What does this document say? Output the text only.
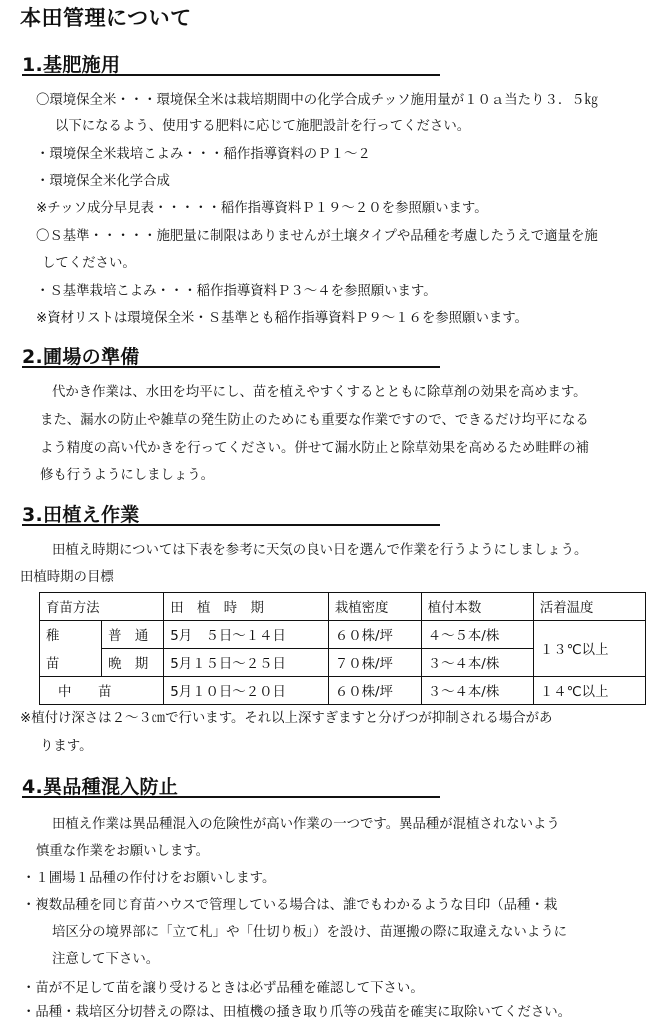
本田管理について
1.基肥施用
〇環境保全米・・・環境保全米は栽培期間中の化学合成チッソ施用量が１０ａ当たり３．５㎏
以下になるよう、使用する肥料に応じて施肥設計を行ってください。
・環境保全米栽培こよみ・・・稲作指導資料のＰ１～２
・環境保全米化学合成
※チッソ成分早見表・・・・・稲作指導資料Ｐ１９～２０を参照願います。
〇Ｓ基準・・・・・施肥量に制限はありませんが土壌タイプや品種を考慮したうえで適量を施
してください。
・Ｓ基準栽培こよみ・・・稲作指導資料Ｐ３～４を参照願います。
※資材リストは環境保全米・Ｓ基準とも稲作指導資料Ｐ９～１６を参照願います。
2.圃場の準備
代かき作業は、水田を均平にし、苗を植えやすくするとともに除草剤の効果を高めます。
また、漏水の防止や雑草の発生防止のためにも重要な作業ですので、できるだけ均平になる
よう精度の高い代かきを行ってください。併せて漏水防止と除草効果を高めるため畦畔の補
修も行うようにしましょう。
3.田植え作業
田植え時期については下表を参考に天気の良い日を選んで作業を行うようにしましょう。
田植時期の目標
育苗方法		田　植　時　期	栽植密度	植付本数	活着温度
稚	普　通	5月　５日～１４日	６０株/坪	４～５本/株	１３℃以上
苗	晩　期	5月１５日～２５日	７０株/坪	３～４本/株	
中　　苗		5月１０日～２０日	６０株/坪	３～４本/株	１４℃以上
※植付け深さは２～３㎝で行います。それ以上深すぎますと分げつが抑制される場合があ
ります。
4.異品種混入防止
田植え作業は異品種混入の危険性が高い作業の一つです。異品種が混植されないよう
慎重な作業をお願いします。
・１圃場１品種の作付けをお願いします。
・複数品種を同じ育苗ハウスで管理している場合は、誰でもわかるような目印（品種・栽
培区分の境界部に「立て札」や「仕切り板」）を設け、苗運搬の際に取違えないように
注意して下さい。
・苗が不足して苗を譲り受けるときは必ず品種を確認して下さい。
・品種・栽培区分切替えの際は、田植機の掻き取り爪等の残苗を確実に取除いてください。
